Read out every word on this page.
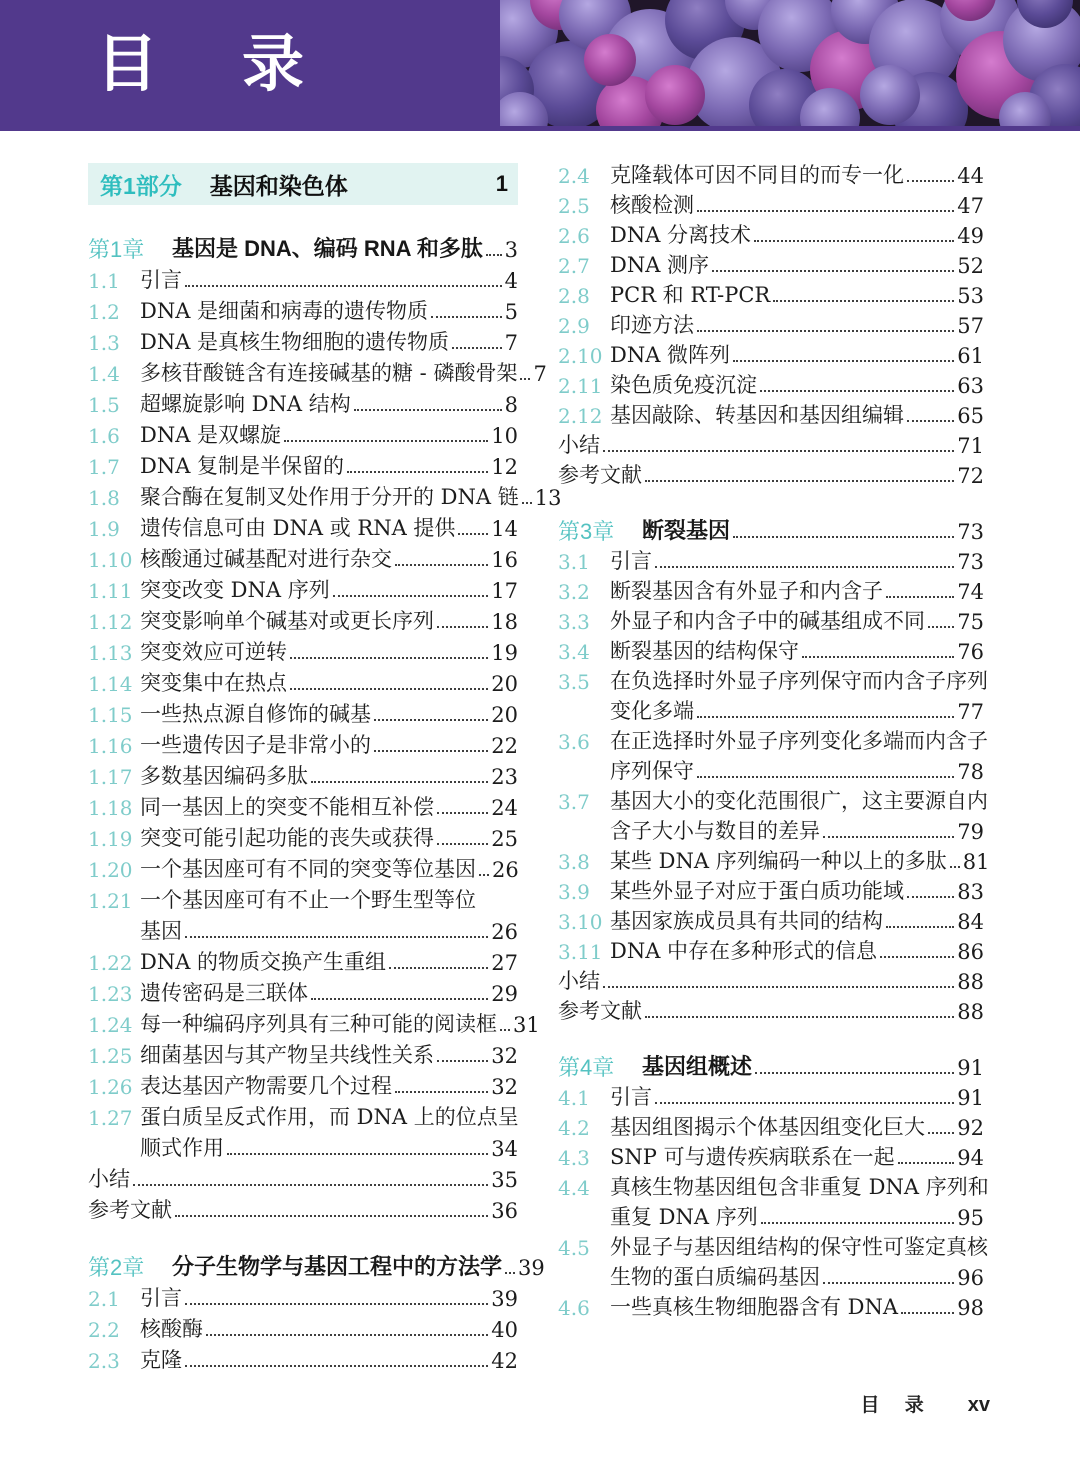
目录
第1部分 基因和染色体	1
第1章	基因是 DNA、编码 RNA 和多肽 3
1.1 引言	4
1.2 DNA 是细菌和病毒的遗传物质	5
1.3 DNA 是真核生物细胞的遗传物质	7
1.4 多核苷酸链含有连接碱基的糖 - 磷酸骨架 7
1.5 超螺旋影响 DNA 结构	8
1.6 DNA 是双螺旋	10
1.7 DNA 复制是半保留的	12
1.8 聚合酶在复制叉处作用于分开的 DNA 链 13
1.9 遗传信息可由 DNA 或 RNA 提供 14
1.10 核酸通过碱基配对进行杂交	16
1.11 突变改变 DNA 序列	17
1.12 突变影响单个碱基对或更长序列	18
1.13 突变效应可逆转	19
1.14 突变集中在热点	20
1.15 一些热点源自修饰的碱基	20
1.16 一些遗传因子是非常小的	22
1.17 多数基因编码多肽	23
1.18 同一基因上的突变不能相互补偿	24
1.19 突变可能引起功能的丧失或获得	25
1.20 一个基因座可有不同的突变等位基因 26
1.21 一个基因座可有不止一个野生型等位
基因	26
1.22 DNA 的物质交换产生重组	27
1.23 遗传密码是三联体	29
1.24 每一种编码序列具有三种可能的阅读框 31
1.25 细菌基因与其产物呈共线性关系	32
1.26 表达基因产物需要几个过程	32
1.27 蛋白质呈反式作用，而 DNA 上的位点呈
顺式作用	34
小结	35
参考文献	36
第2章	分子生物学与基因工程中的方法学 39
2.1 引言	39
2.2 核酸酶	40
2.3 克隆	42
2.4 克隆载体可因不同目的而专一化	44
2.5 核酸检测	47
2.6 DNA 分离技术	49
2.7 DNA 测序	52
2.8 PCR 和 RT-PCR	53
2.9 印迹方法	57
2.10 DNA 微阵列	61
2.11 染色质免疫沉淀	63
2.12 基因敲除、转基因和基因组编辑	65
小结	71
参考文献	72
第3章	断裂基因	73
3.1 引言	73
3.2 断裂基因含有外显子和内含子	74
3.3 外显子和内含子中的碱基组成不同 75
3.4 断裂基因的结构保守	76
3.5 在负选择时外显子序列保守而内含子序列
变化多端	77
3.6 在正选择时外显子序列变化多端而内含子
序列保守	78
3.7 基因大小的变化范围很广，这主要源自内
含子大小与数目的差异	79
3.8 某些 DNA 序列编码一种以上的多肽 81
3.9 某些外显子对应于蛋白质功能域	83
3.10 基因家族成员具有共同的结构	84
3.11 DNA 中存在多种形式的信息	86
小结	88
参考文献	88
第4章	基因组概述	91
4.1 引言	91
4.2 基因组图揭示个体基因组变化巨大 92
4.3 SNP 可与遗传疾病联系在一起	94
4.4 真核生物基因组包含非重复 DNA 序列和
重复 DNA 序列	95
4.5 外显子与基因组结构的保守性可鉴定真核
生物的蛋白质编码基因	96
4.6 一些真核生物细胞器含有 DNA	98
目 录 xv
